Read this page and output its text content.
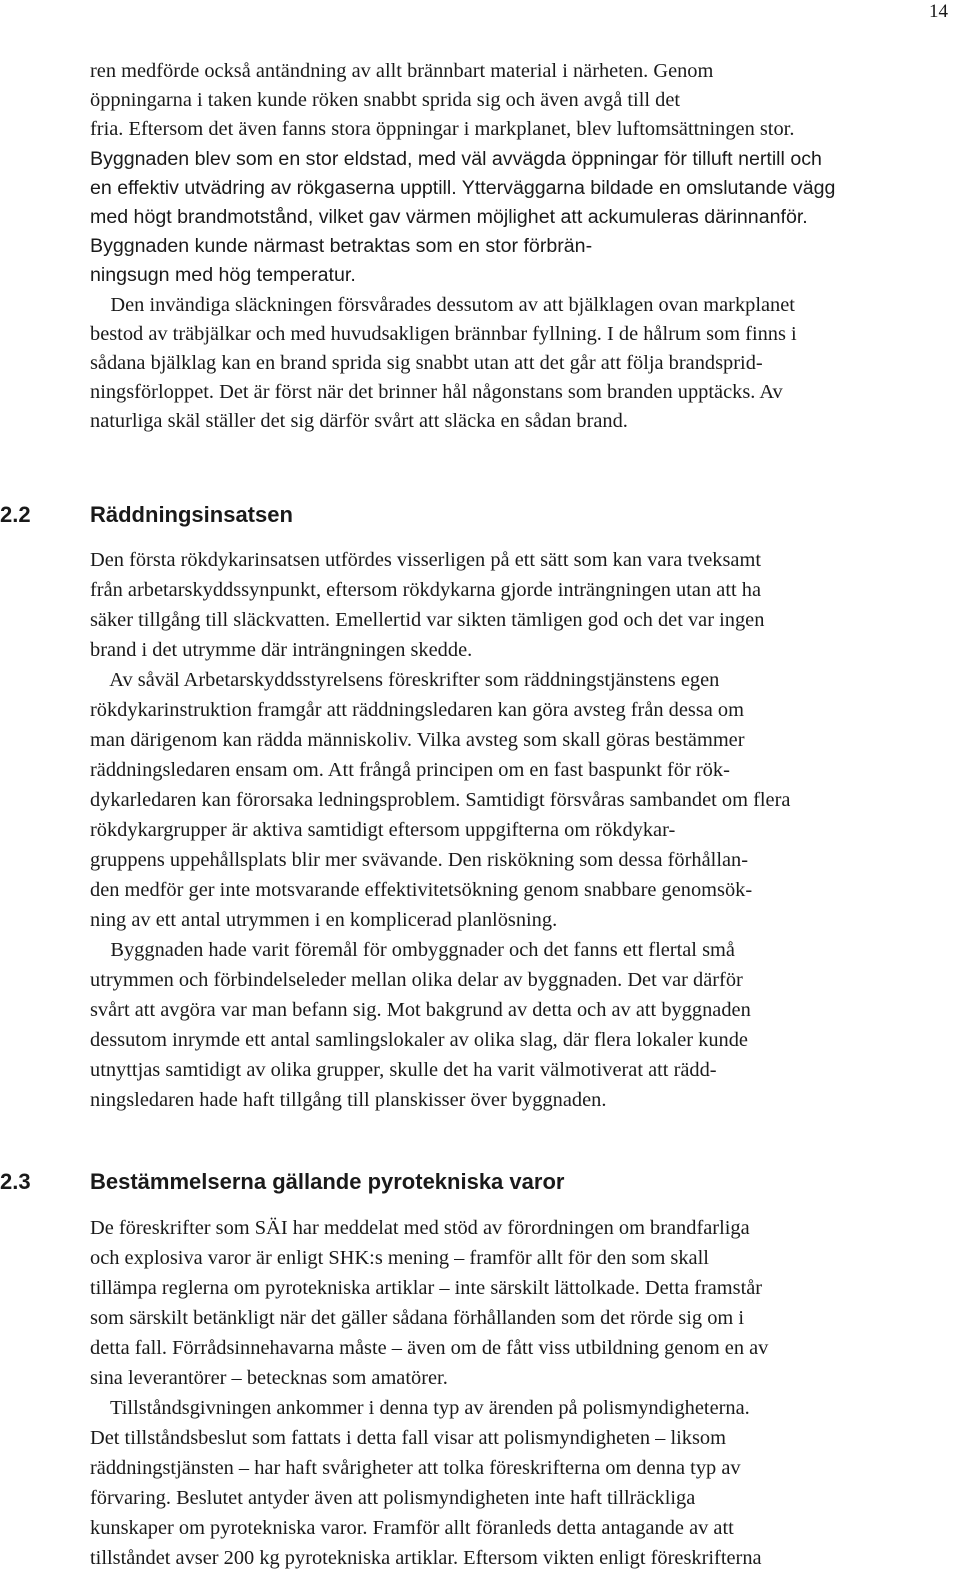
14
ren medförde också antändning av allt brännbart material i närheten. Genom
öppningarna i taken kunde röken snabbt sprida sig och även avgå till det
fria. Eftersom det även fanns stora öppningar i markplanet, blev luftomsättningen stor.
Byggnaden blev som en stor eldstad, med väl avvägda öppningar för tilluft nertill och
en effektiv utvädring av rökgaserna upptill. Ytterväggarna bildade en omslutande vägg
med högt brandmotstånd, vilket gav värmen möjlighet att ackumuleras därinnanför.
Byggnaden kunde närmast betraktas som en stor förbrän-
ningsugn med hög temperatur.
Den invändiga släckningen försvårades dessutom av att bjälklagen ovan markplanet
bestod av träbjälkar och med huvudsakligen brännbar fyllning. I de hålrum som finns i
sådana bjälklag kan en brand sprida sig snabbt utan att det går att följa brandsprid-
ningsförloppet. Det är först när det brinner hål någonstans som branden upptäcks. Av
naturliga skäl ställer det sig därför svårt att släcka en sådan brand.
2.2	Räddningsinsatsen
Den första rökdykarinsatsen utfördes visserligen på ett sätt som kan vara tveksamt
från arbetarskyddssynpunkt, eftersom rökdykarna gjorde inträngningen utan att ha
säker tillgång till släckvatten. Emellertid var sikten tämligen god och det var ingen
brand i det utrymme där inträngningen skedde.
Av såväl Arbetarskyddsstyrelsens föreskrifter som räddningstjänstens egen
rökdykarinstruktion framgår att räddningsledaren kan göra avsteg från dessa om
man därigenom kan rädda människoliv. Vilka avsteg som skall göras bestämmer
räddningsledaren ensam om. Att frångå principen om en fast baspunkt för rök-
dykarledaren kan förorsaka ledningsproblem. Samtidigt försvåras sambandet om flera
rökdykargrupper är aktiva samtidigt eftersom uppgifterna om rökdykar-
gruppens uppehållsplats blir mer svävande. Den riskökning som dessa förhållan-
den medför ger inte motsvarande effektivitetsökning genom snabbare genomsök-
ning av ett antal utrymmen i en komplicerad planlösning.
Byggnaden hade varit föremål för ombyggnader och det fanns ett flertal små
utrymmen och förbindelseleder mellan olika delar av byggnaden. Det var därför
svårt att avgöra var man befann sig. Mot bakgrund av detta och av att byggnaden
dessutom inrymde ett antal samlingslokaler av olika slag, där flera lokaler kunde
utnyttjas samtidigt av olika grupper, skulle det ha varit välmotiverat att rädd-
ningsledaren hade haft tillgång till planskisser över byggnaden.
2.3	Bestämmelserna gällande pyrotekniska varor
De föreskrifter som SÄI har meddelat med stöd av förordningen om brandfarliga
och explosiva varor är enligt SHK:s mening – framför allt för den som skall
tillämpa reglerna om pyrotekniska artiklar – inte särskilt lättolkade. Detta framstår
som särskilt betänkligt när det gäller sådana förhållanden som det rörde sig om i
detta fall. Förrådsinnehavarna måste – även om de fått viss utbildning genom en av
sina leverantörer – betecknas som amatörer.
Tillståndsgivningen ankommer i denna typ av ärenden på polismyndigheterna.
Det tillståndsbeslut som fattats i detta fall visar att polismyndigheten – liksom
räddningstjänsten – har haft svårigheter att tolka föreskrifterna om denna typ av
förvaring. Beslutet antyder även att polismyndigheten inte haft tillräckliga
kunskaper om pyrotekniska varor. Framför allt föranleds detta antagande av att
tillståndet avser 200 kg pyrotekniska artiklar. Eftersom vikten enligt föreskrifterna
